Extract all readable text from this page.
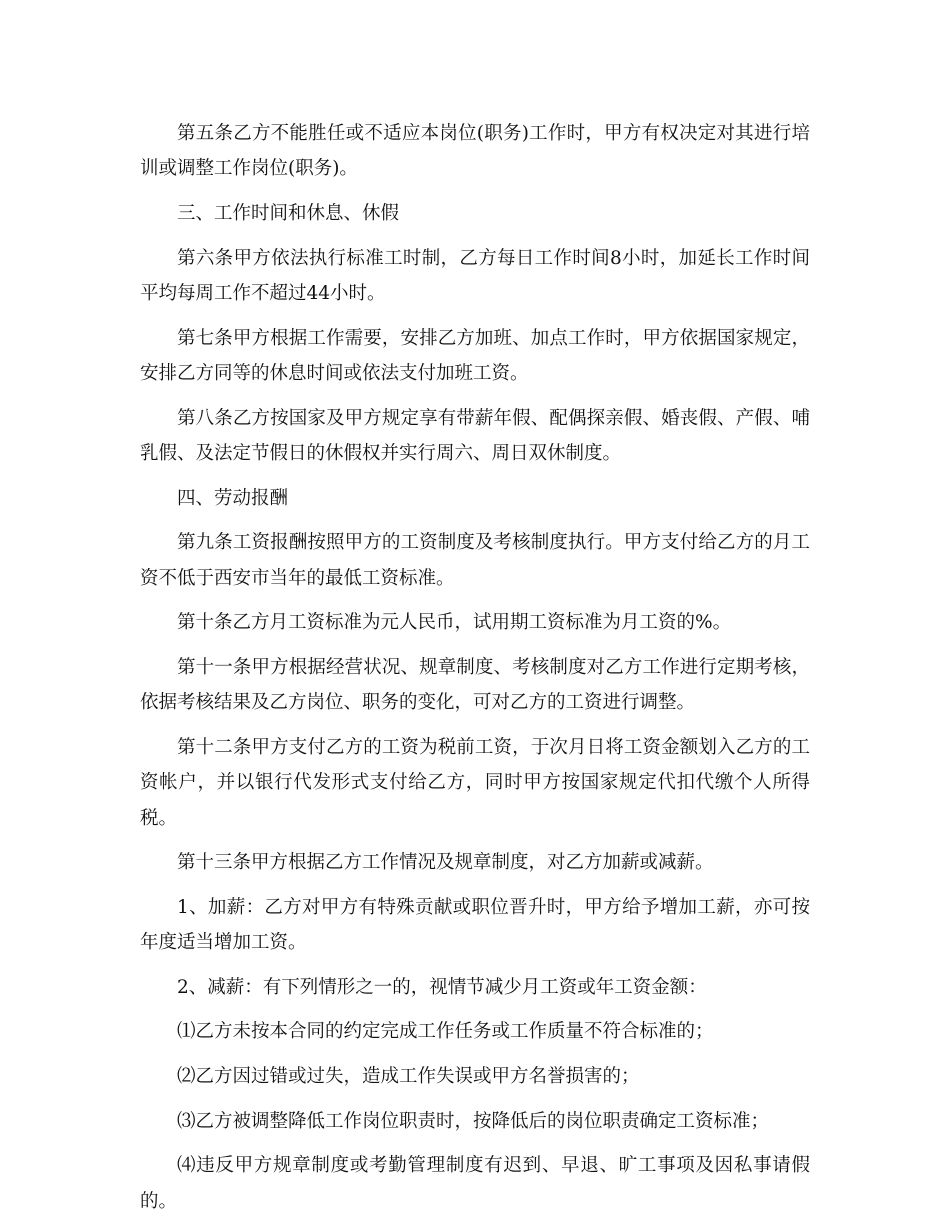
第五条乙方不能胜任或不适应本岗位(职务)工作时，甲方有权决定对其进行培训或调整工作岗位(职务)。

三、工作时间和休息、休假

第六条甲方依法执行标准工时制，乙方每日工作时间8小时，加延长工作时间平均每周工作不超过44小时。

第七条甲方根据工作需要，安排乙方加班、加点工作时，甲方依据国家规定，安排乙方同等的休息时间或依法支付加班工资。

第八条乙方按国家及甲方规定享有带薪年假、配偶探亲假、婚丧假、产假、哺乳假、及法定节假日的休假权并实行周六、周日双休制度。

四、劳动报酬

第九条工资报酬按照甲方的工资制度及考核制度执行。甲方支付给乙方的月工资不低于西安市当年的最低工资标准。

第十条乙方月工资标准为元人民币，试用期工资标准为月工资的%。

第十一条甲方根据经营状况、规章制度、考核制度对乙方工作进行定期考核，依据考核结果及乙方岗位、职务的变化，可对乙方的工资进行调整。

第十二条甲方支付乙方的工资为税前工资，于次月日将工资金额划入乙方的工资帐户，并以银行代发形式支付给乙方，同时甲方按国家规定代扣代缴个人所得税。

第十三条甲方根据乙方工作情况及规章制度，对乙方加薪或减薪。

1、加薪：乙方对甲方有特殊贡献或职位晋升时，甲方给予增加工薪，亦可按年度适当增加工资。

2、减薪：有下列情形之一的，视情节减少月工资或年工资金额：

⑴乙方未按本合同的约定完成工作任务或工作质量不符合标准的；

⑵乙方因过错或过失，造成工作失误或甲方名誉损害的；

⑶乙方被调整降低工作岗位职责时，按降低后的岗位职责确定工资标准；

⑷违反甲方规章制度或考勤管理制度有迟到、早退、旷工事项及因私事请假的。
